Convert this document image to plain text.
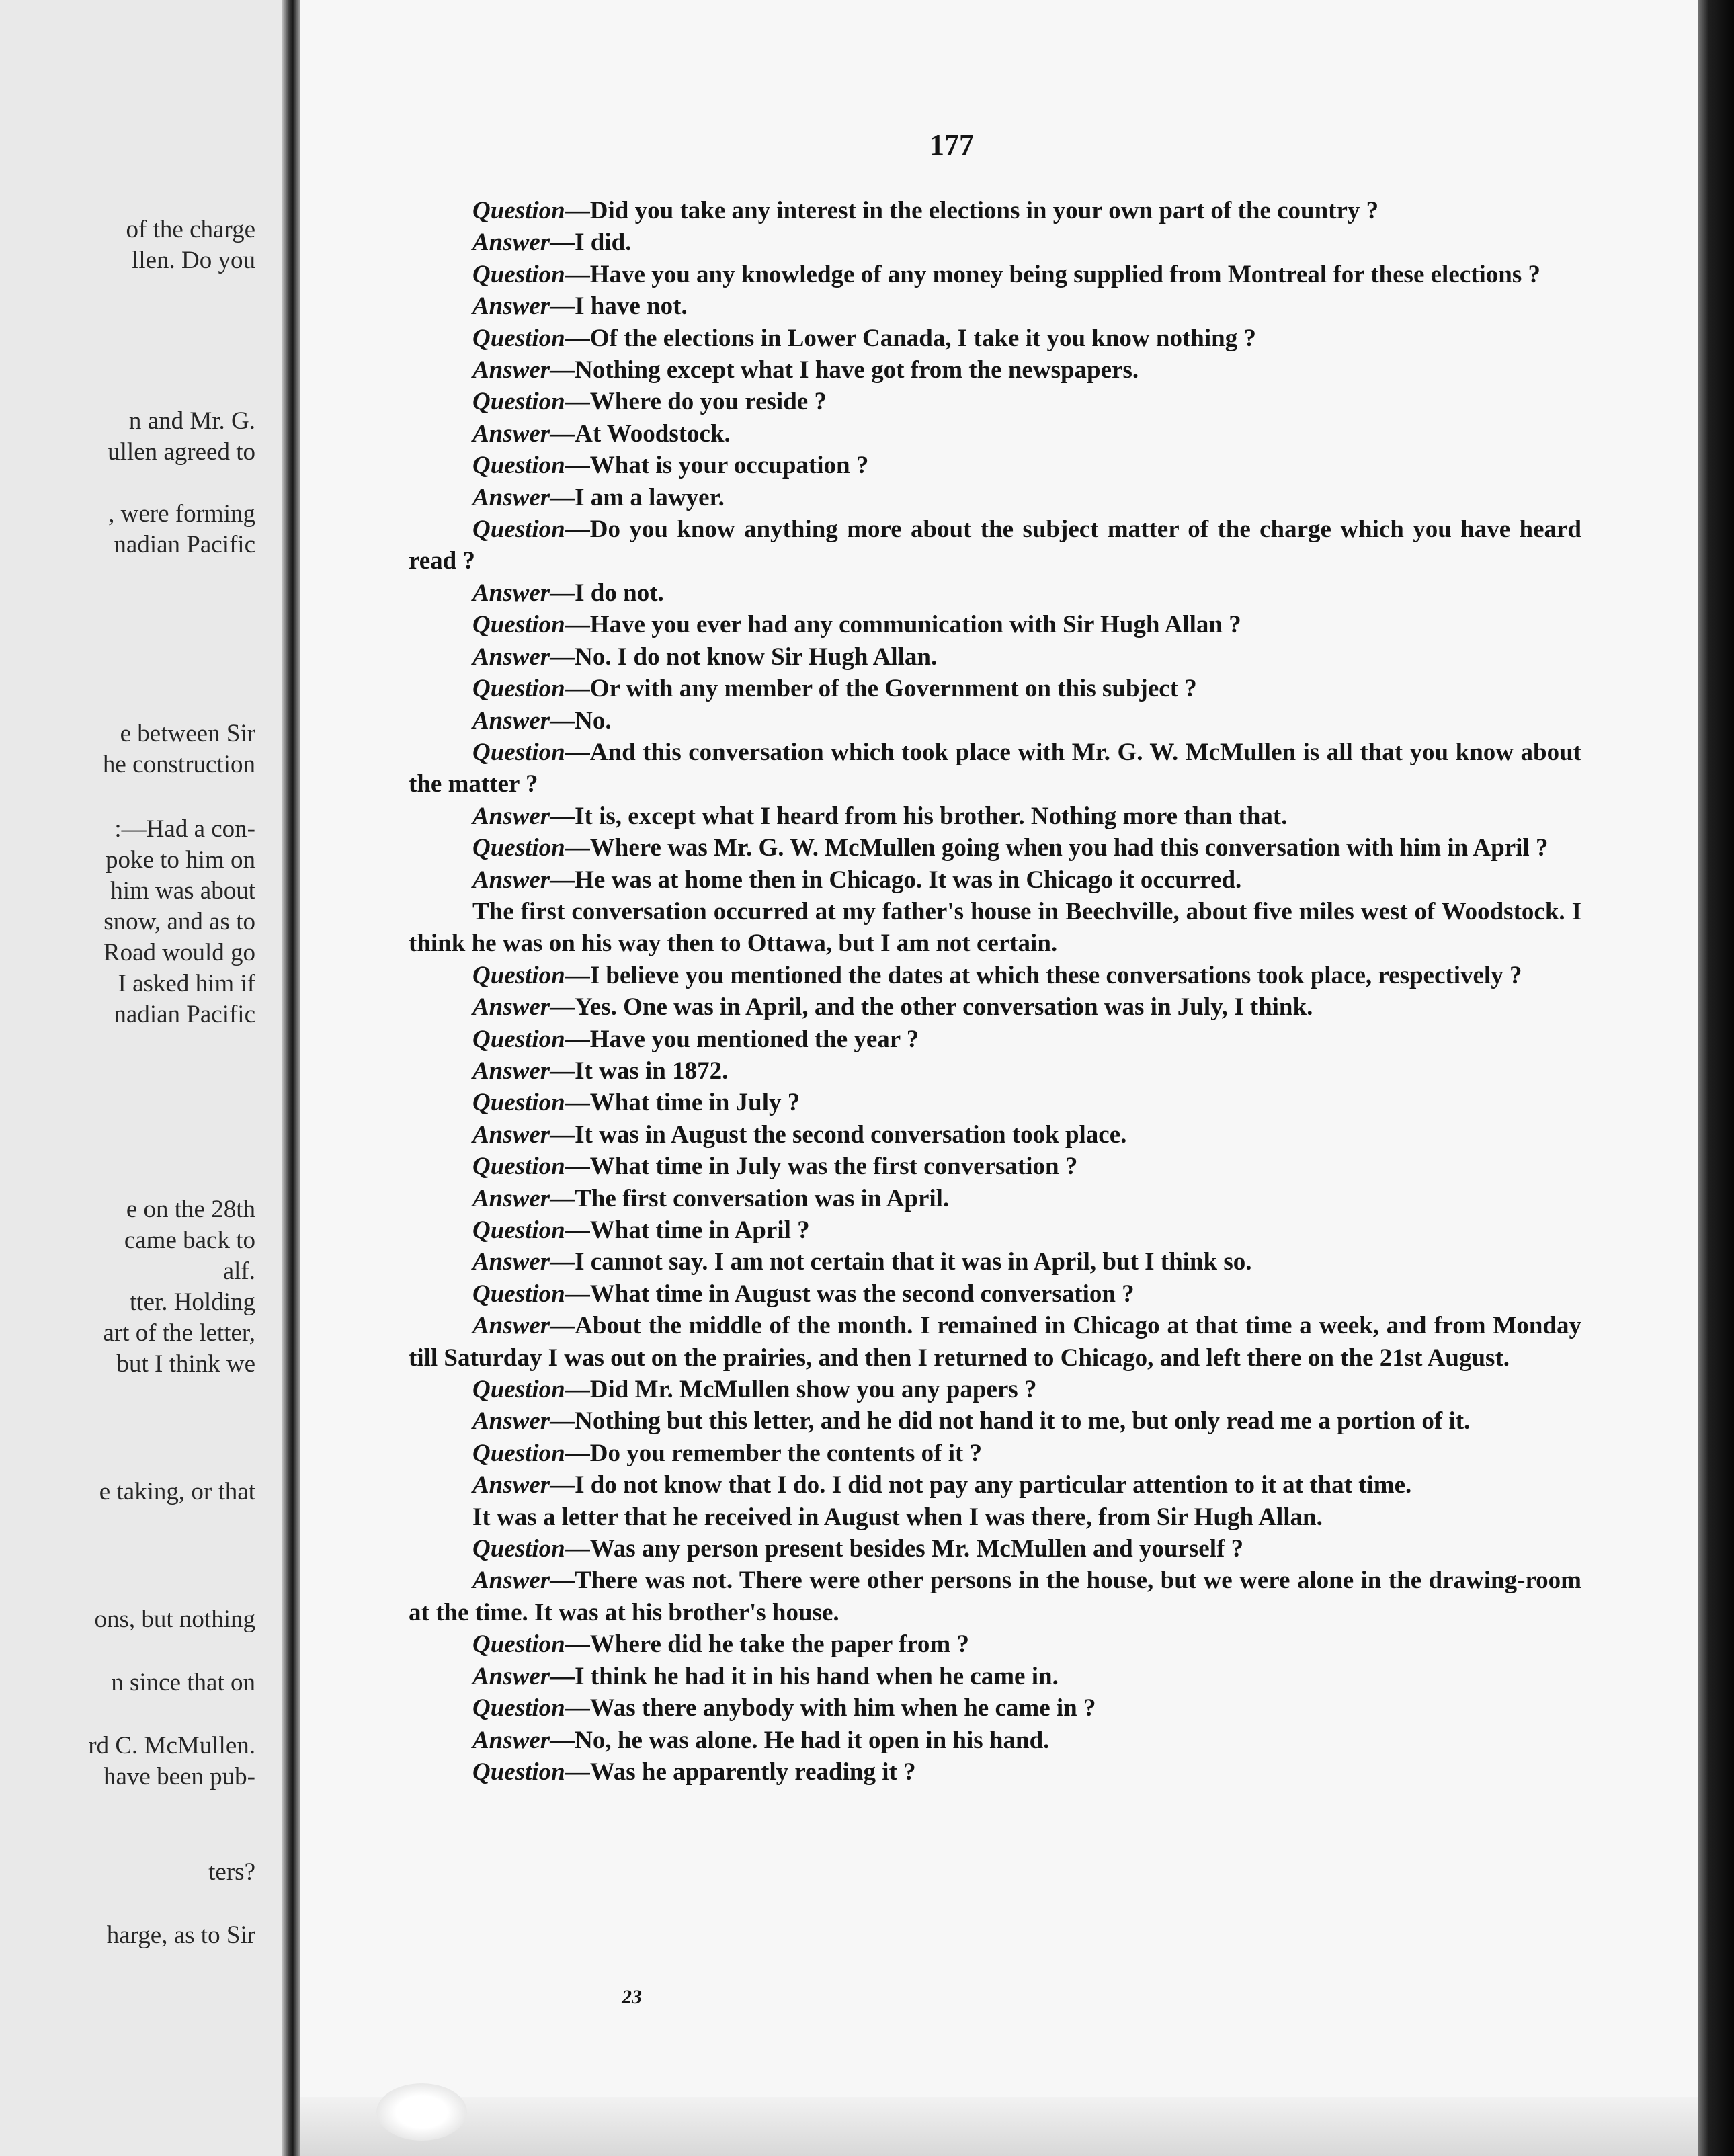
of the charge
llen. Do you
n and Mr. G.
ullen agreed to
, were forming
nadian Pacific
e between Sir
he construction
:—Had a con-
poke to him on
him was about
snow, and as to
Road would go
I asked him if
nadian Pacific
e on the 28th
came back to
alf.
tter. Holding
art of the letter,
but I think we
e taking, or that
ons, but nothing
n since that on
rd C. McMullen.
have been pub-
ters?
harge, as to Sir
177

Question—Did you take any interest in the elections in your own part of the country ?

Answer—I did.

Question—Have you any knowledge of any money being supplied from Montreal for these elections ?

Answer—I have not.

Question—Of the elections in Lower Canada, I take it you know nothing ?

Answer—Nothing except what I have got from the newspapers.

Question—Where do you reside ?

Answer—At Woodstock.

Question—What is your occupation ?

Answer—I am a lawyer.

Question—Do you know anything more about the subject matter of the charge which you have heard read ?

Answer—I do not.

Question—Have you ever had any communication with Sir Hugh Allan ?

Answer—No. I do not know Sir Hugh Allan.

Question—Or with any member of the Government on this subject ?

Answer—No.

Question—And this conversation which took place with Mr. G. W. McMullen is all that you know about the matter ?

Answer—It is, except what I heard from his brother. Nothing more than that.

Question—Where was Mr. G. W. McMullen going when you had this conversation with him in April ?

Answer—He was at home then in Chicago. It was in Chicago it occurred.

The first conversation occurred at my father's house in Beechville, about five miles west of Woodstock. I think he was on his way then to Ottawa, but I am not certain.

Question—I believe you mentioned the dates at which these conversations took place, respectively ?

Answer—Yes. One was in April, and the other conversation was in July, I think.

Question—Have you mentioned the year ?

Answer—It was in 1872.

Question—What time in July ?

Answer—It was in August the second conversation took place.

Question—What time in July was the first conversation ?

Answer—The first conversation was in April.

Question—What time in April ?

Answer—I cannot say. I am not certain that it was in April, but I think so.

Question—What time in August was the second conversation ?

Answer—About the middle of the month. I remained in Chicago at that time a week, and from Monday till Saturday I was out on the prairies, and then I returned to Chicago, and left there on the 21st August.

Question—Did Mr. McMullen show you any papers ?

Answer—Nothing but this letter, and he did not hand it to me, but only read me a portion of it.

Question—Do you remember the contents of it ?

Answer—I do not know that I do. I did not pay any particular attention to it at that time.

It was a letter that he received in August when I was there, from Sir Hugh Allan.

Question—Was any person present besides Mr. McMullen and yourself ?

Answer—There was not. There were other persons in the house, but we were alone in the drawing-room at the time. It was at his brother's house.

Question—Where did he take the paper from ?

Answer—I think he had it in his hand when he came in.

Question—Was there anybody with him when he came in ?

Answer—No, he was alone. He had it open in his hand.

Question—Was he apparently reading it ?

23
